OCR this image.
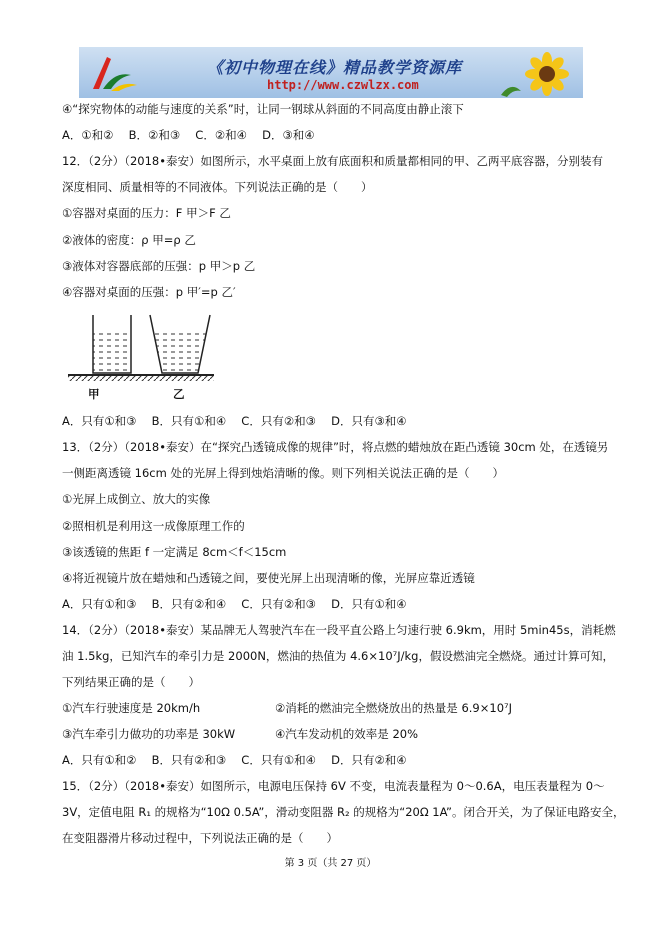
《初中物理在线》精品教学资源库
http://www.czwlzx.com
④“探究物体的动能与速度的关系”时，让同一钢球从斜面的不同高度由静止滚下
A．①和②　 B．②和③　 C．②和④　 D．③和④
12．（2分）（2018•泰安）如图所示，水平桌面上放有底面积和质量都相同的甲、乙两平底容器，分别装有
深度相同、质量相等的不同液体。下列说法正确的是（　　）
①容器对桌面的压力：F 甲＞F 乙
②液体的密度：ρ 甲=ρ 乙
③液体对容器底部的压强：p 甲＞p 乙
④容器对桌面的压强：p 甲′=p 乙′
甲	乙
A．只有①和③　 B．只有①和④　 C．只有②和③　 D．只有③和④
13．（2分）（2018•泰安）在“探究凸透镜成像的规律”时，将点燃的蜡烛放在距凸透镜 30cm 处，在透镜另
一侧距离透镜 16cm 处的光屏上得到烛焰清晰的像。则下列相关说法正确的是（　　）
①光屏上成倒立、放大的实像
②照相机是利用这一成像原理工作的
③该透镜的焦距 f 一定满足 8cm＜f＜15cm
④将近视镜片放在蜡烛和凸透镜之间，要使光屏上出现清晰的像，光屏应靠近透镜
A．只有①和③　 B．只有②和④　 C．只有②和③　 D．只有①和④
14．（2分）（2018•泰安）某品牌无人驾驶汽车在一段平直公路上匀速行驶 6.9km，用时 5min45s，消耗燃
油 1.5kg，已知汽车的牵引力是 2000N，燃油的热值为 4.6×10⁷J/kg，假设燃油完全燃烧。通过计算可知，
下列结果正确的是（　　）
①汽车行驶速度是 20km/h	②消耗的燃油完全燃烧放出的热量是 6.9×10⁷J
③汽车牵引力做功的功率是 30kW	④汽车发动机的效率是 20%
A．只有①和②　 B．只有②和③　 C．只有①和④　 D．只有②和④
15．（2分）（2018•泰安）如图所示，电源电压保持 6V 不变，电流表量程为 0～0.6A，电压表量程为 0～
3V，定值电阻 R₁ 的规格为“10Ω 0.5A”，滑动变阻器 R₂ 的规格为“20Ω 1A”。闭合开关，为了保证电路安全，
在变阻器滑片移动过程中，下列说法正确的是（　　）
第 3 页（共 27 页）
